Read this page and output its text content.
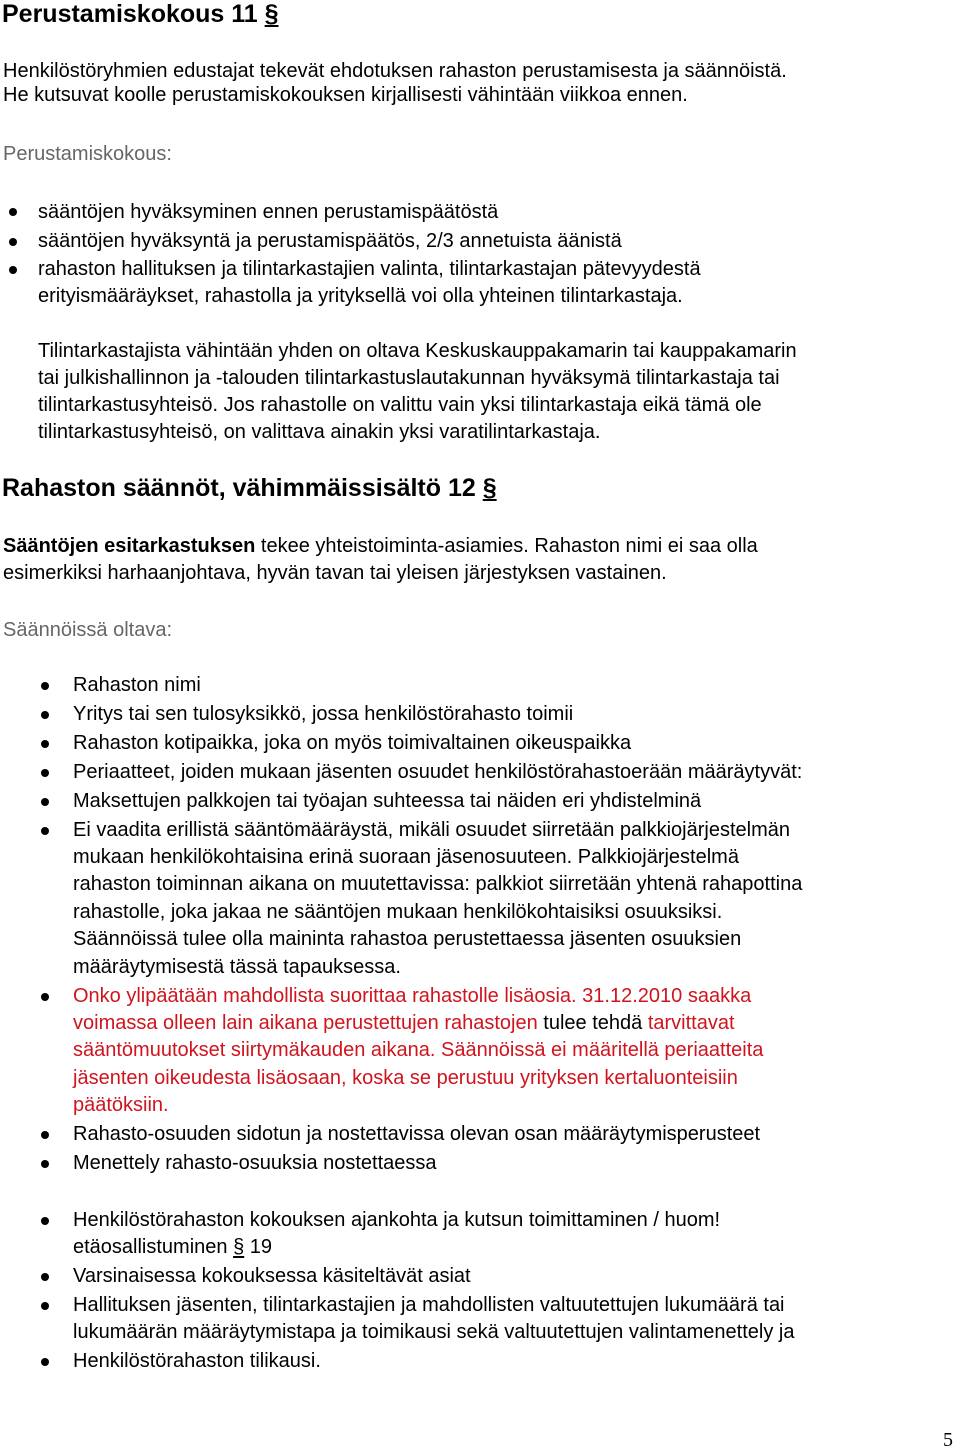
Perustamiskokous 11 §
Henkilöstöryhmien edustajat tekevät ehdotuksen rahaston perustamisesta ja säännöistä.
He kutsuvat koolle perustamiskokouksen kirjallisesti vähintään viikkoa ennen.
Perustamiskokous:
sääntöjen hyväksyminen ennen perustamispäätöstä
sääntöjen hyväksyntä ja perustamispäätös, 2/3 annetuista äänistä
rahaston hallituksen ja tilintarkastajien valinta, tilintarkastajan pätevyydestä
erityismääräykset, rahastolla ja yrityksellä voi olla yhteinen tilintarkastaja.
Tilintarkastajista vähintään yhden on oltava Keskuskauppakamarin tai kauppakamarin
tai julkishallinnon ja -talouden tilintarkastuslautakunnan hyväksymä tilintarkastaja tai
tilintarkastusyhteisö. Jos rahastolle on valittu vain yksi tilintarkastaja eikä tämä ole
tilintarkastusyhteisö, on valittava ainakin yksi varatilintarkastaja.
Rahaston säännöt, vähimmäissisältö 12 §
Sääntöjen esitarkastuksen tekee yhteistoiminta-asiamies. Rahaston nimi ei saa olla
esimerkiksi harhaanjohtava, hyvän tavan tai yleisen järjestyksen vastainen.
Säännöissä oltava:
Rahaston nimi
Yritys tai sen tulosyksikkö, jossa henkilöstörahasto toimii
Rahaston kotipaikka, joka on myös toimivaltainen oikeuspaikka
Periaatteet, joiden mukaan jäsenten osuudet henkilöstörahastoerään määräytyvät:
Maksettujen palkkojen tai työajan suhteessa tai näiden eri yhdistelminä
Ei vaadita erillistä sääntömääräystä, mikäli osuudet siirretään palkkiojärjestelmän
mukaan henkilökohtaisina erinä suoraan jäsenosuuteen. Palkkiojärjestelmä
rahaston toiminnan aikana on muutettavissa: palkkiot siirretään yhtenä rahapottina
rahastolle, joka jakaa ne sääntöjen mukaan henkilökohtaisiksi osuuksiksi.
Säännöissä tulee olla maininta rahastoa perustettaessa jäsenten osuuksien
määräytymisestä tässä tapauksessa.
Onko ylipäätään mahdollista suorittaa rahastolle lisäosia. 31.12.2010 saakka
voimassa olleen lain aikana perustettujen rahastojen tulee tehdä tarvittavat
sääntömuutokset siirtymäkauden aikana. Säännöissä ei määritellä periaatteita
jäsenten oikeudesta lisäosaan, koska se perustuu yrityksen kertaluonteisiin
päätöksiin.
Rahasto-osuuden sidotun ja nostettavissa olevan osan määräytymisperusteet
Menettely rahasto-osuuksia nostettaessa
Henkilöstörahaston kokouksen ajankohta ja kutsun toimittaminen / huom!
etäosallistuminen § 19
Varsinaisessa kokouksessa käsiteltävät asiat
Hallituksen jäsenten, tilintarkastajien ja mahdollisten valtuutettujen lukumäärä tai
lukumäärän määräytymistapa ja toimikausi sekä valtuutettujen valintamenettely ja
Henkilöstörahaston tilikausi.
5
